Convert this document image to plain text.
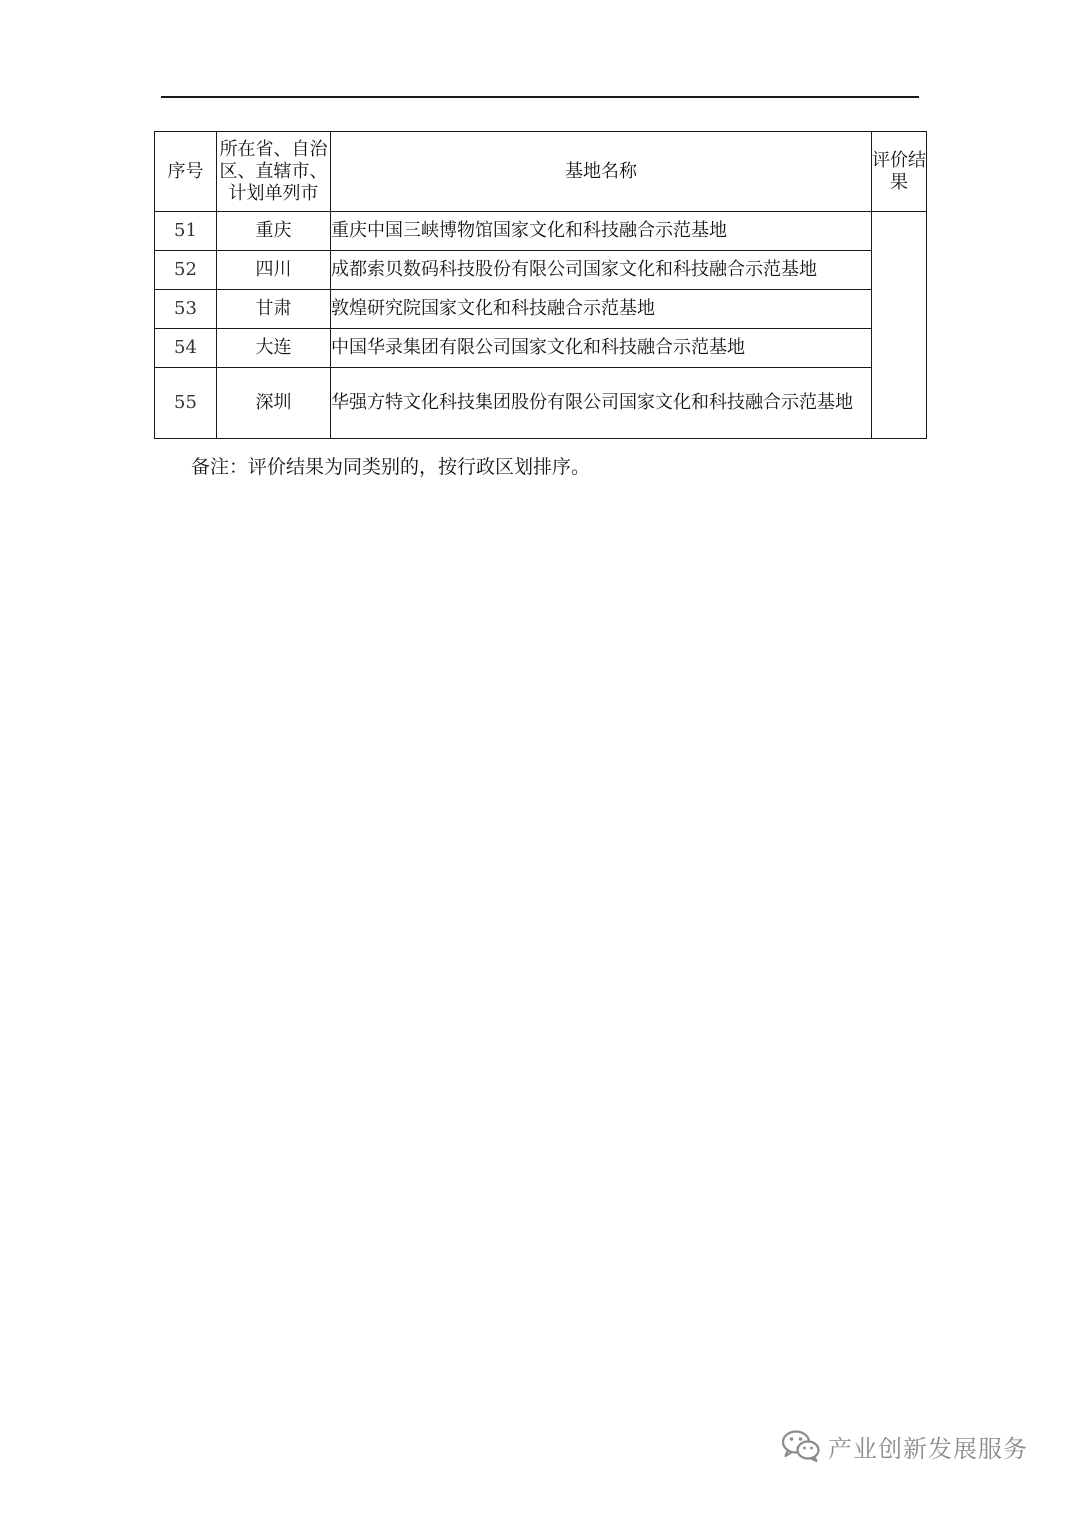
序号	所在省、自治区、直辖市、计划单列市	基地名称	评价结果
51	重庆	重庆中国三峡博物馆国家文化和科技融合示范基地	
52	四川	成都索贝数码科技股份有限公司国家文化和科技融合示范基地	
53	甘肃	敦煌研究院国家文化和科技融合示范基地	
54	大连	中国华录集团有限公司国家文化和科技融合示范基地	
55	深圳	华强方特文化科技集团股份有限公司国家文化和科技融合示范基地	
备注：评价结果为同类别的，按行政区划排序。
产业创新发展服务
